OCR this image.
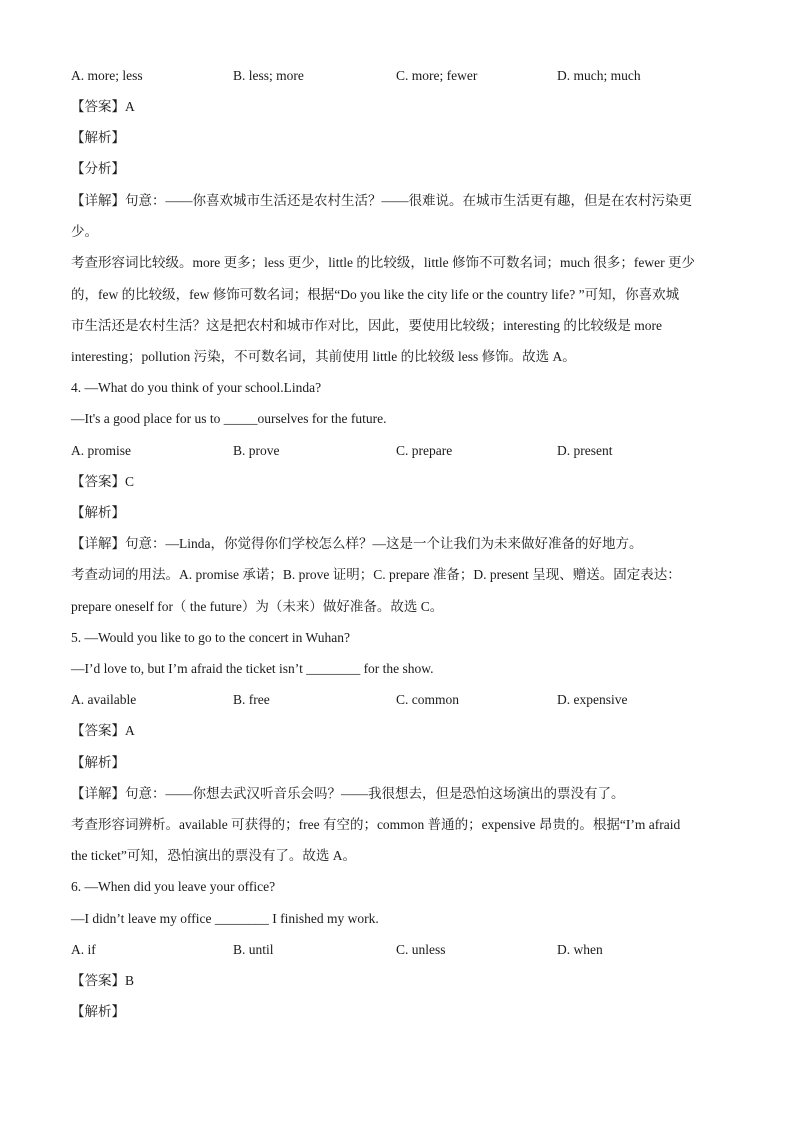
A. more; less	B. less; more	C. more; fewer	D. much; much
【答案】A
【解析】
【分析】
【详解】句意：——你喜欢城市生活还是农村生活？——很难说。在城市生活更有趣，但是在农村污染更
少。
考查形容词比较级。more 更多；less 更少，little 的比较级，little 修饰不可数名词；much 很多；fewer 更少
的，few 的比较级，few 修饰可数名词；根据“Do you like the city life or the country life? ”可知，你喜欢城
市生活还是农村生活？这是把农村和城市作对比，因此，要使用比较级；interesting 的比较级是 more
interesting；pollution 污染，不可数名词，其前使用 little 的比较级 less 修饰。故选 A。
4. —What do you think of your school.Linda?
—It's a good place for us to _____ourselves for the future.
A. promise	B. prove	C. prepare	D. present
【答案】C
【解析】
【详解】句意：—Linda，你觉得你们学校怎么样？—这是一个让我们为未来做好准备的好地方。
考查动词的用法。A. promise 承诺；B. prove 证明；C. prepare 准备；D. present 呈现、赠送。固定表达：
prepare oneself for（ the future）为（未来）做好准备。故选 C。
5. —Would you like to go to the concert in Wuhan?
—I’d love to, but I’m afraid the ticket isn’t ________ for the show.
A. available	B. free	C. common	D. expensive
【答案】A
【解析】
【详解】句意：——你想去武汉听音乐会吗？——我很想去，但是恐怕这场演出的票没有了。
考查形容词辨析。available 可获得的；free 有空的；common 普通的；expensive 昂贵的。根据“I’m afraid
the ticket”可知，恐怕演出的票没有了。故选 A。
6. —When did you leave your office?
—I didn’t leave my office ________ I finished my work.
A. if	B. until	C. unless	D. when
【答案】B
【解析】
